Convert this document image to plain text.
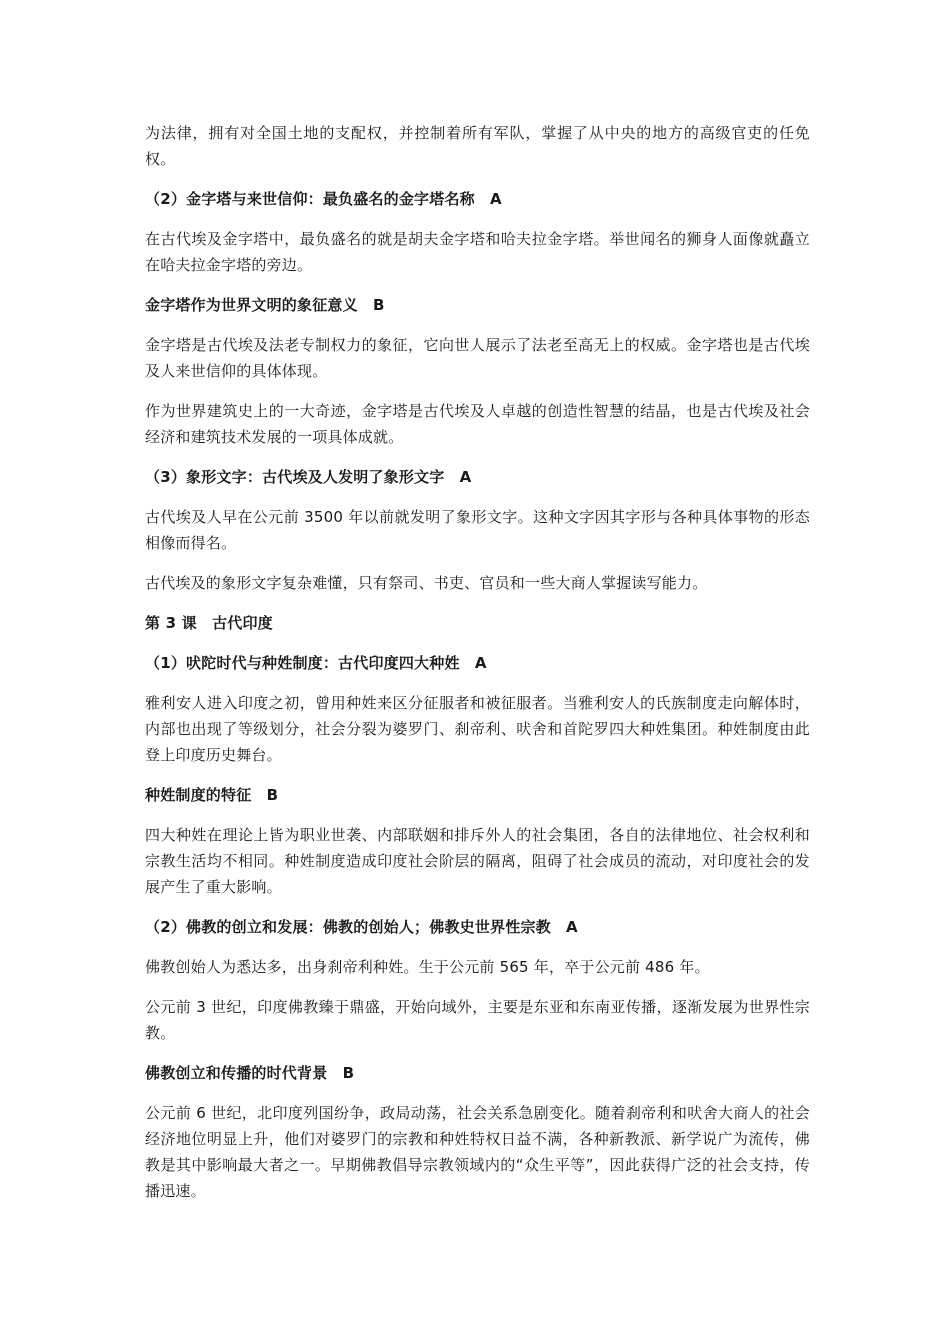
为法律，拥有对全国土地的支配权，并控制着所有军队，掌握了从中央的地方的高级官吏的任免权。

（2）金字塔与来世信仰：最负盛名的金字塔名称　A

在古代埃及金字塔中，最负盛名的就是胡夫金字塔和哈夫拉金字塔。举世闻名的狮身人面像就矗立在哈夫拉金字塔的旁边。

金字塔作为世界文明的象征意义　B

金字塔是古代埃及法老专制权力的象征，它向世人展示了法老至高无上的权威。金字塔也是古代埃及人来世信仰的具体体现。

作为世界建筑史上的一大奇迹，金字塔是古代埃及人卓越的创造性智慧的结晶，也是古代埃及社会经济和建筑技术发展的一项具体成就。

（3）象形文字：古代埃及人发明了象形文字　A

古代埃及人早在公元前 3500 年以前就发明了象形文字。这种文字因其字形与各种具体事物的形态相像而得名。

古代埃及的象形文字复杂难懂，只有祭司、书吏、官员和一些大商人掌握读写能力。

第 3 课　古代印度

（1）吠陀时代与种姓制度：古代印度四大种姓　A

雅利安人进入印度之初，曾用种姓来区分征服者和被征服者。当雅利安人的氏族制度走向解体时，内部也出现了等级划分，社会分裂为婆罗门、刹帝利、吠舍和首陀罗四大种姓集团。种姓制度由此登上印度历史舞台。

种姓制度的特征　B

四大种姓在理论上皆为职业世袭、内部联姻和排斥外人的社会集团，各自的法律地位、社会权利和宗教生活均不相同。种姓制度造成印度社会阶层的隔离，阻碍了社会成员的流动，对印度社会的发展产生了重大影响。

（2）佛教的创立和发展：佛教的创始人；佛教史世界性宗教　A

佛教创始人为悉达多，出身刹帝利种姓。生于公元前 565 年，卒于公元前 486 年。

公元前 3 世纪，印度佛教臻于鼎盛，开始向域外，主要是东亚和东南亚传播，逐渐发展为世界性宗教。

佛教创立和传播的时代背景　B

公元前 6 世纪，北印度列国纷争，政局动荡，社会关系急剧变化。随着刹帝利和吠舍大商人的社会经济地位明显上升，他们对婆罗门的宗教和种姓特权日益不满，各种新教派、新学说广为流传，佛教是其中影响最大者之一。早期佛教倡导宗教领域内的“众生平等”，因此获得广泛的社会支持，传播迅速。
